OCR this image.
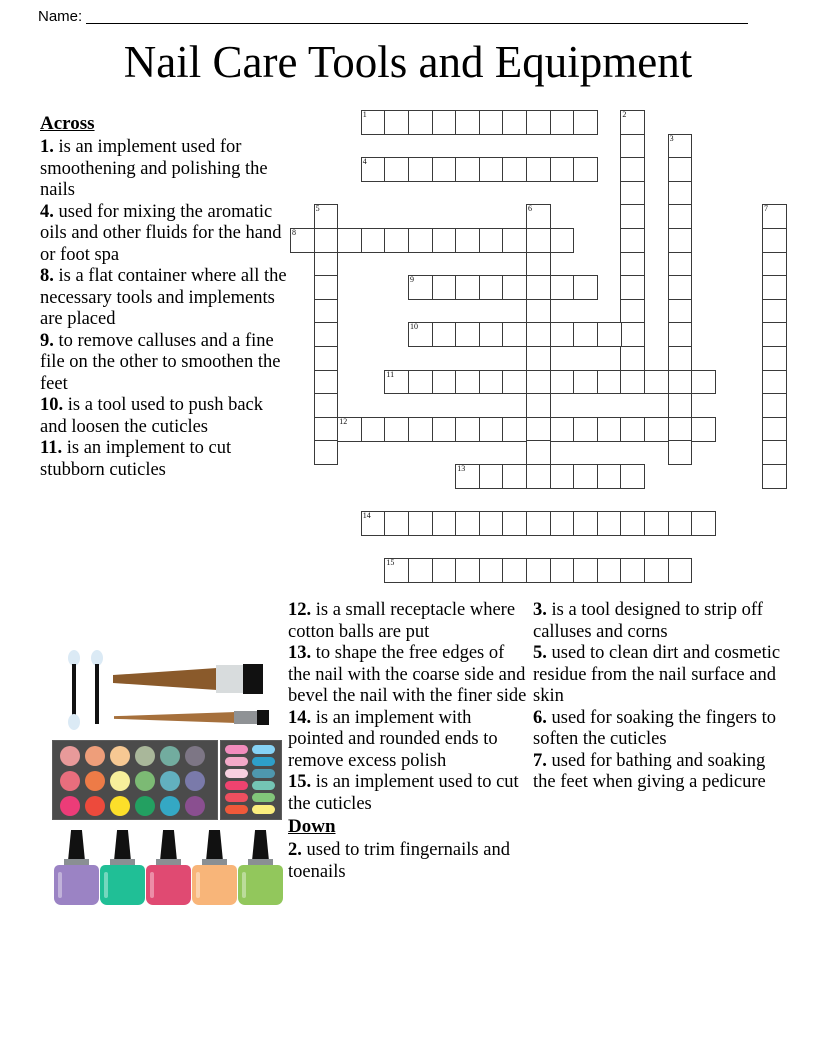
Name:
Nail Care Tools and Equipment
1	2
3
4
5	6	7
8
9
10
11
12
13
14
15
Across

1. is an implement used for smoothening and polishing the nails

4. used for mixing the aromatic oils and other fluids for the hand or foot spa

8. is a flat container where all the necessary tools and implements are placed

9. to remove calluses and a fine file on the other to smoothen the feet

10. is a tool used to push back and loosen the cuticles

11. is an implement to cut stubborn cuticles

12. is a small receptacle where cotton balls are put

13. to shape the free edges of the nail with the coarse side and bevel the nail with the finer side

14. is an implement with pointed and rounded ends to remove excess polish

15. is an implement used to cut the cuticles

Down

2. used to trim fingernails and toenails

3. is a tool designed to strip off calluses and corns

5. used to clean dirt and cosmetic residue from the nail surface and skin

6. used for soaking the fingers to soften the cuticles

7. used for bathing and soaking the feet when giving a pedicure
